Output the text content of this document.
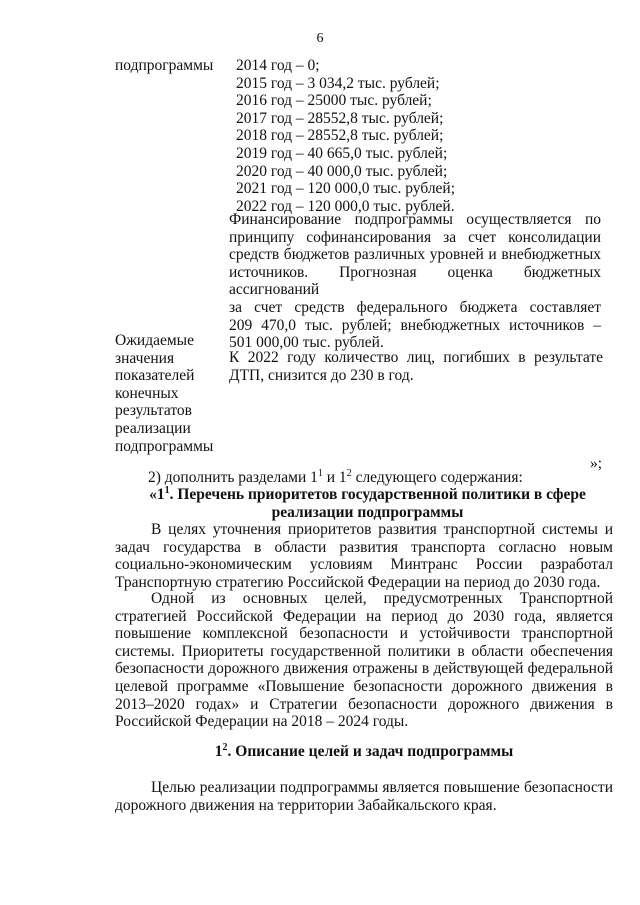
6
подпрограммы 2014 год – 0;
2015 год – 3 034,2 тыс. рублей;
2016 год – 25000 тыс. рублей;
2017 год – 28552,8 тыс. рублей;
2018 год – 28552,8 тыс. рублей;
2019 год – 40 665,0 тыс. рублей;
2020 год – 40 000,0 тыс. рублей;
2021 год – 120 000,0 тыс. рублей;
2022 год – 120 000,0 тыс. рублей.
Финансирование подпрограммы осуществляется по
принципу софинансирования за счет консолидации
средств бюджетов различных уровней и внебюджетных
источников. Прогнозная оценка бюджетных ассигнований
за счет средств федерального бюджета составляет
209 470,0 тыс. рублей; внебюджетных источников –
501 000,00 тыс. рублей.
Ожидаемые
значения
показателей
конечных
результатов
реализации
подпрограммы
К 2022 году количество лиц, погибших в результате ДТП, снизится до 230 в год.
»;
2) дополнить разделами $1^1$ и $1^2$ следующего содержания:
«$1^1$. Перечень приоритетов государственной политики в сфере реализации подпрограммы
В целях уточнения приоритетов развития транспортной системы и задач государства в области развития транспорта согласно новым социально-экономическим условиям Минтранс России разработал Транспортную стратегию Российской Федерации на период до 2030 года.
Одной из основных целей, предусмотренных Транспортной стратегией Российской Федерации на период до 2030 года, является повышение комплексной безопасности и устойчивости транспортной системы. Приоритеты государственной политики в области обеспечения безопасности дорожного движения отражены в действующей федеральной целевой программе «Повышение безопасности дорожного движения в 2013–2020 годах» и Стратегии безопасности дорожного движения в Российской Федерации на 2018 – 2024 годы.
$1^2$. Описание целей и задач подпрограммы
Целью реализации подпрограммы является повышение безопасности дорожного движения на территории Забайкальского края.
